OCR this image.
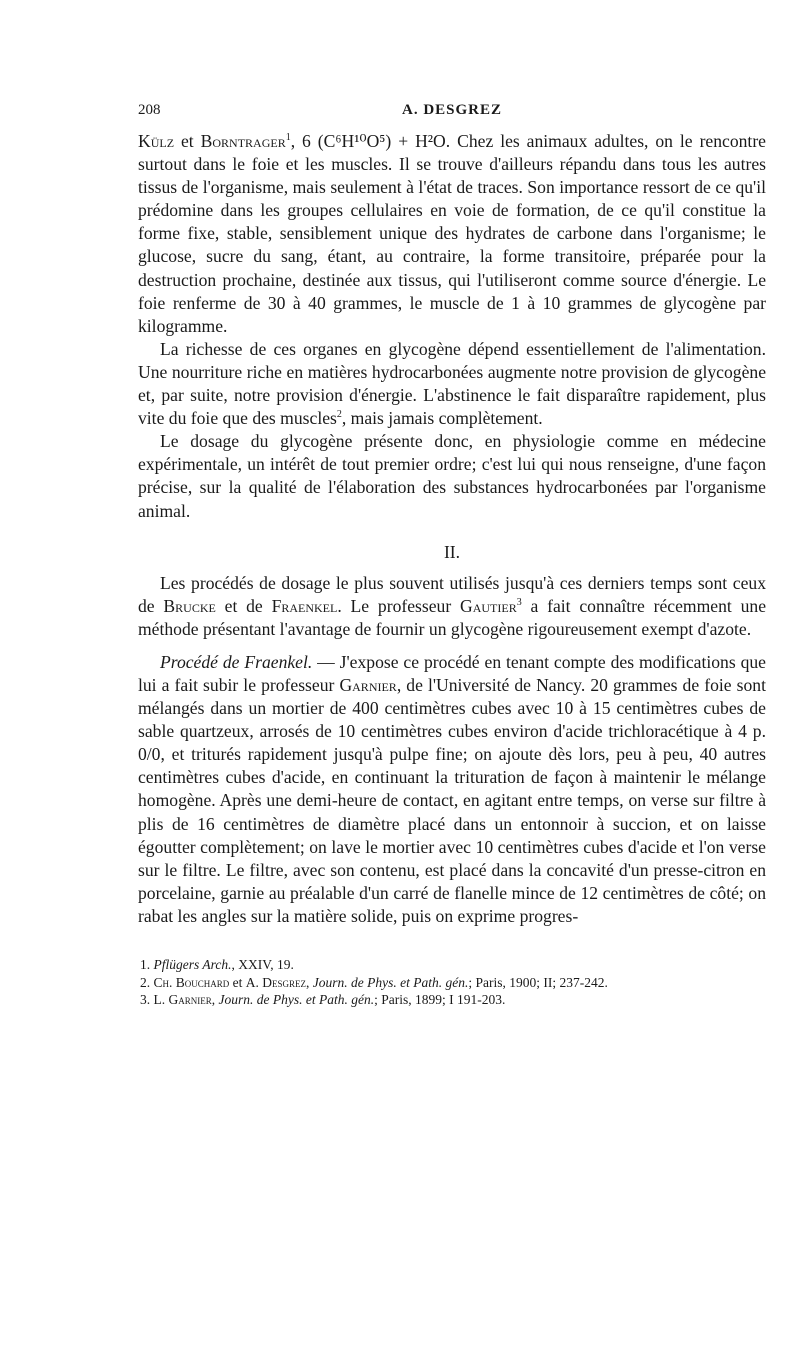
208	A. DESGREZ

Külz et Borntrager$^1$, 6 (C⁶H¹⁰O⁵) + H²O. Chez les animaux adultes, on le rencontre surtout dans le foie et les muscles. Il se trouve d'ailleurs répandu dans tous les autres tissus de l'organisme, mais seulement à l'état de traces. Son importance ressort de ce qu'il prédomine dans les groupes cellulaires en voie de formation, de ce qu'il constitue la forme fixe, stable, sensiblement unique des hydrates de carbone dans l'organisme; le glucose, sucre du sang, étant, au contraire, la forme transitoire, préparée pour la destruction prochaine, destinée aux tissus, qui l'utiliseront comme source d'énergie. Le foie renferme de 30 à 40 grammes, le muscle de 1 à 10 grammes de glycogène par kilogramme.

La richesse de ces organes en glycogène dépend essentiellement de l'alimentation. Une nourriture riche en matières hydrocarbonées augmente notre provision de glycogène et, par suite, notre provision d'énergie. L'abstinence le fait disparaître rapidement, plus vite du foie que des muscles$^2$, mais jamais complètement.

Le dosage du glycogène présente donc, en physiologie comme en médecine expérimentale, un intérêt de tout premier ordre; c'est lui qui nous renseigne, d'une façon précise, sur la qualité de l'élaboration des substances hydrocarbonées par l'organisme animal.

II.

Les procédés de dosage le plus souvent utilisés jusqu'à ces derniers temps sont ceux de Brucke et de Fraenkel. Le professeur Gautier$^3$ a fait connaître récemment une méthode présentant l'avantage de fournir un glycogène rigoureusement exempt d'azote.

Procédé de Fraenkel. — J'expose ce procédé en tenant compte des modifications que lui a fait subir le professeur Garnier, de l'Université de Nancy. 20 grammes de foie sont mélangés dans un mortier de 400 centimètres cubes avec 10 à 15 centimètres cubes de sable quartzeux, arrosés de 10 centimètres cubes environ d'acide trichloracétique à 4 p. 0/0, et triturés rapidement jusqu'à pulpe fine; on ajoute dès lors, peu à peu, 40 autres centimètres cubes d'acide, en continuant la trituration de façon à maintenir le mélange homogène. Après une demi-heure de contact, en agitant entre temps, on verse sur filtre à plis de 16 centimètres de diamètre placé dans un entonnoir à succion, et on laisse égoutter complètement; on lave le mortier avec 10 centimètres cubes d'acide et l'on verse sur le filtre. Le filtre, avec son contenu, est placé dans la concavité d'un presse-citron en porcelaine, garnie au préalable d'un carré de flanelle mince de 12 centimètres de côté; on rabat les angles sur la matière solide, puis on exprime progres-

1. Pflügers Arch., XXIV, 19.

2. Ch. Bouchard et A. Desgrez, Journ. de Phys. et Path. gén.; Paris, 1900; II; 237-242.

3. L. Garnier, Journ. de Phys. et Path. gén.; Paris, 1899; I 191-203.
